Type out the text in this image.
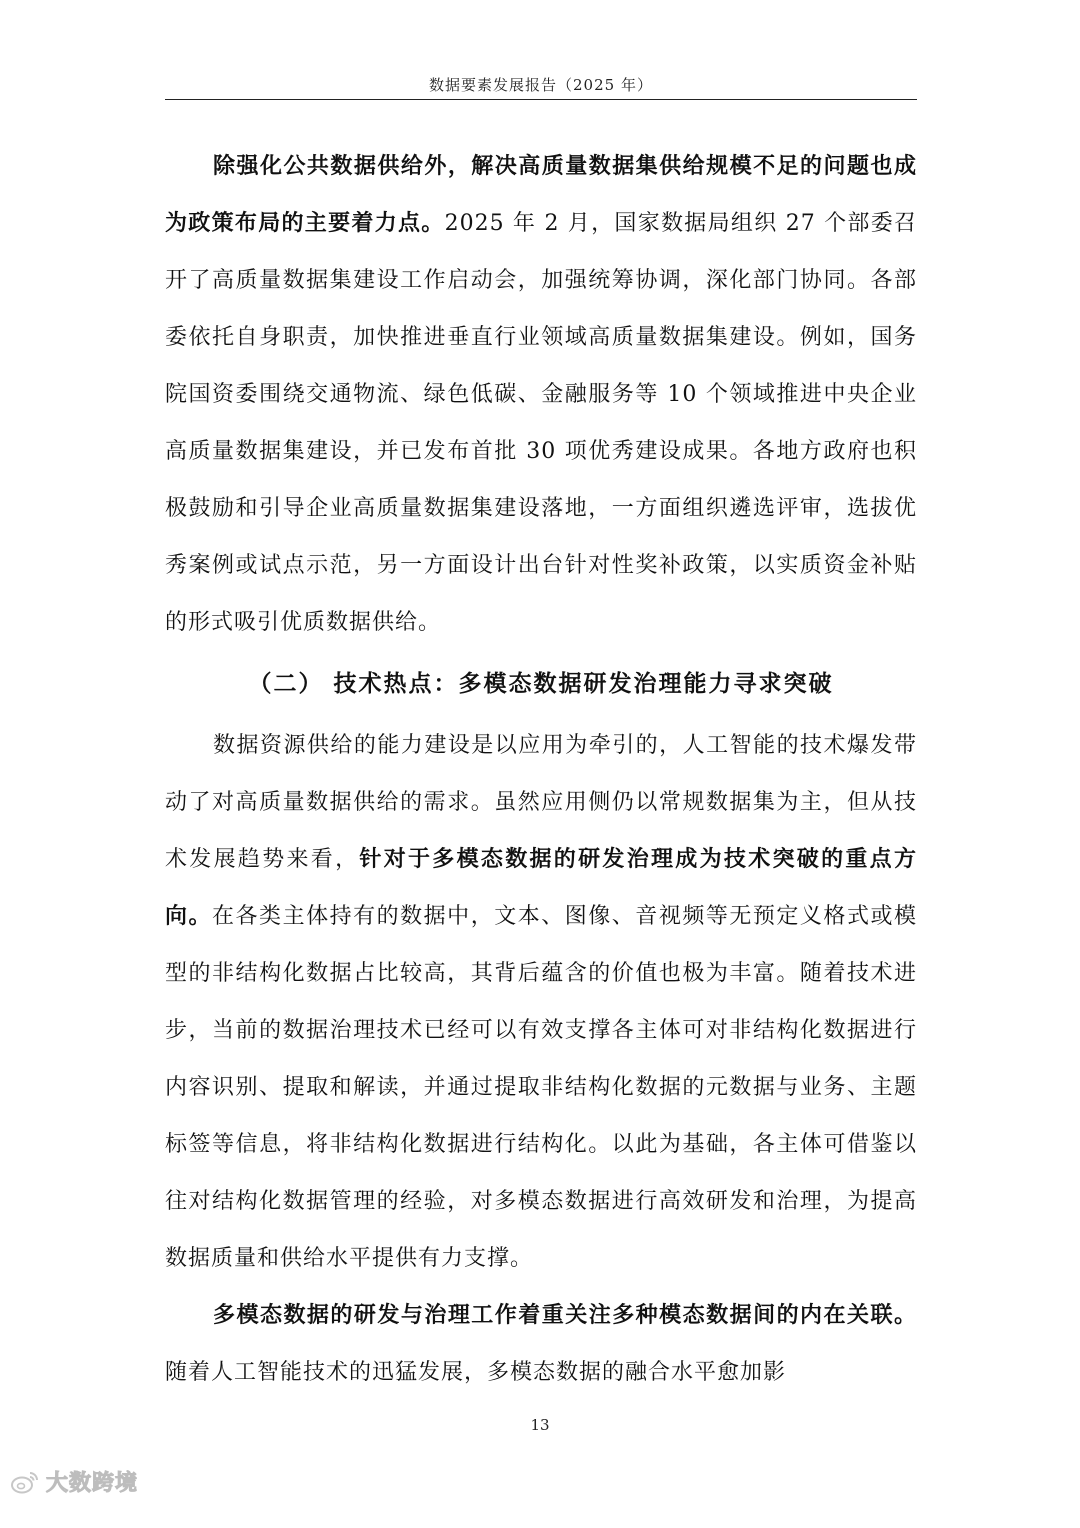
数据要素发展报告（2025 年）

除强化公共数据供给外，解决高质量数据集供给规模不足的问题也成为政策布局的主要着力点。2025 年 2 月，国家数据局组织 27 个部委召开了高质量数据集建设工作启动会，加强统筹协调，深化部门协同。各部委依托自身职责，加快推进垂直行业领域高质量数据集建设。例如，国务院国资委围绕交通物流、绿色低碳、金融服务等 10 个领域推进中央企业高质量数据集建设，并已发布首批 30 项优秀建设成果。各地方政府也积极鼓励和引导企业高质量数据集建设落地，一方面组织遴选评审，选拔优秀案例或试点示范，另一方面设计出台针对性奖补政策，以实质资金补贴的形式吸引优质数据供给。

（二） 技术热点：多模态数据研发治理能力寻求突破

数据资源供给的能力建设是以应用为牵引的，人工智能的技术爆发带动了对高质量数据供给的需求。虽然应用侧仍以常规数据集为主，但从技术发展趋势来看，针对于多模态数据的研发治理成为技术突破的重点方向。在各类主体持有的数据中，文本、图像、音视频等无预定义格式或模型的非结构化数据占比较高，其背后蕴含的价值也极为丰富。随着技术进步，当前的数据治理技术已经可以有效支撑各主体可对非结构化数据进行内容识别、提取和解读，并通过提取非结构化数据的元数据与业务、主题标签等信息，将非结构化数据进行结构化。以此为基础，各主体可借鉴以往对结构化数据管理的经验，对多模态数据进行高效研发和治理，为提高数据质量和供给水平提供有力支撑。

多模态数据的研发与治理工作着重关注多种模态数据间的内在关联。随着人工智能技术的迅猛发展，多模态数据的融合水平愈加影

13
大数跨境
